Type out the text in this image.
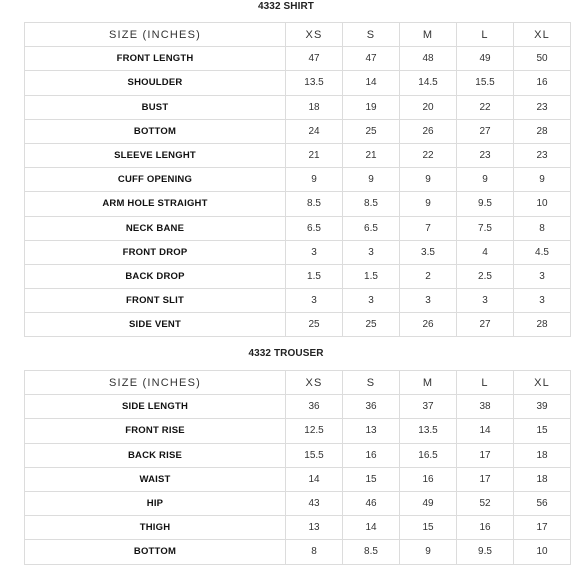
4332 SHIRT
SIZE (INCHES)	XS	S	M	L	XL
FRONT LENGTH	47	47	48	49	50
SHOULDER	13.5	14	14.5	15.5	16
BUST	18	19	20	22	23
BOTTOM	24	25	26	27	28
SLEEVE LENGHT	21	21	22	23	23
CUFF OPENING	9	9	9	9	9
ARM HOLE STRAIGHT	8.5	8.5	9	9.5	10
NECK BANE	6.5	6.5	7	7.5	8
FRONT DROP	3	3	3.5	4	4.5
BACK DROP	1.5	1.5	2	2.5	3
FRONT SLIT	3	3	3	3	3
SIDE VENT	25	25	26	27	28
4332 TROUSER
SIZE (INCHES)	XS	S	M	L	XL
SIDE LENGTH	36	36	37	38	39
FRONT RISE	12.5	13	13.5	14	15
BACK RISE	15.5	16	16.5	17	18
WAIST	14	15	16	17	18
HIP	43	46	49	52	56
THIGH	13	14	15	16	17
BOTTOM	8	8.5	9	9.5	10
